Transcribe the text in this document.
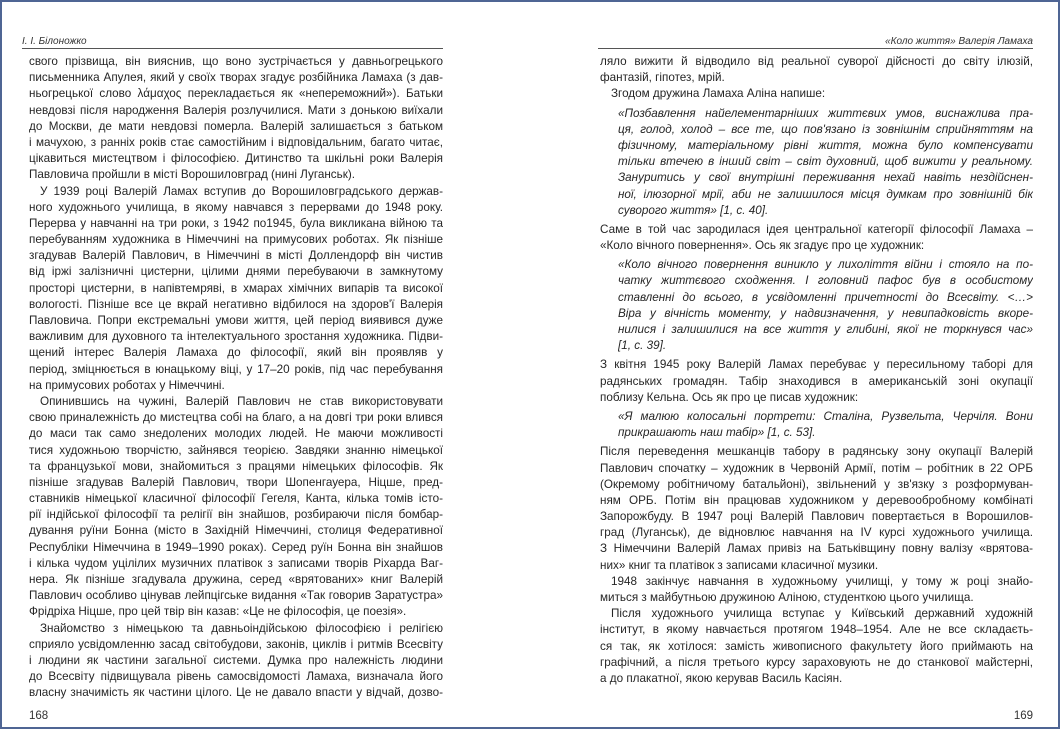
І. І. Білоножко
свого прізвища, він вияснив, що воно зустрічається у давньогрецького
письменника Апулея, який у своїх творах згадує розбійника Ламаха (з дав-
ньогрецької слово λάμαχος перекладається як «непереможний»). Батьки
невдовзі після народження Валерія розлучилися. Мати з донькою виїхали
до Москви, де мати невдовзі померла. Валерій залишається з батьком
і мачухою, з ранніх років стає самостійним і відповідальним, багато читає,
цікавиться мистецтвом і філософією. Дитинство та шкільні роки Валерія
Павловича пройшли в місті Ворошиловград (нині Луганськ).
У 1939 році Валерій Ламах вступив до Ворошиловградського держав-
ного художнього училища, в якому навчався з перервами до 1948 року.
Перерва у навчанні на три роки, з 1942 по1945, була викликана війною та
перебуванням художника в Німеччині на примусових роботах. Як пізніше
згадував Валерій Павлович, в Німеччині в місті Доллендорф він чистив
від іржі залізничні цистерни, цілими днями перебуваючи в замкнутому
просторі цистерни, в напівтемряві, в хмарах хімічних випарів та високої
вологості. Пізніше все це вкрай негативно відбилося на здоров'ї Валерія
Павловича. Попри екстремальні умови життя, цей період виявився дуже
важливим для духовного та інтелектуального зростання художника. Підви-
щений інтерес Валерія Ламаха до філософії, який він проявляв у
період, зміцнюється в юнацькому віці, у 17–20 років, під час перебування
на примусових роботах у Німеччині.
Опинившись на чужині, Валерій Павлович не став використовувати
свою приналежність до мистецтва собі на благо, а на довгі три роки влився
до маси так само знедолених молодих людей. Не маючи можливості
тися художньою творчістю, зайнявся теорією. Завдяки знанню німецької
та французької мови, знайомиться з працями німецьких філософів. Як
пізніше згадував Валерій Павлович, твори Шопенгауера, Ніцше, пред-
ставників німецької класичної філософії Гегеля, Канта, кілька томів істо-
рії індійської філософії та релігії він знайшов, розбираючи після бомбар-
дування руїни Бонна (місто в Західній Німеччині, столиця Федеративної
Республіки Німеччина в 1949–1990 роках). Серед руїн Бонна він знайшов
і кілька чудом уцілілих музичних платівок з записами творів Ріхарда Ваг-
нера. Як пізніше згадувала дружина, серед «врятованих» книг Валерій
Павлович особливо цінував лейпцігське видання «Так говорив Заратустра»
Фрідріха Ніцше, про цей твір він казав: «Це не філософія, це поезія».
Знайомство з німецькою та давньоіндійською філософією і релігією
сприяло усвідомленню засад світобудови, законів, циклів і ритмів Всесвіту
і людини як частини загальної системи. Думка про належність людини
до Всесвіту підвищувала рівень самосвідомості Ламаха, визначала його
власну значимість як частини цілого. Це не давало впасти у відчай, дозво-
168
«Коло життя» Валерія Ламаха
ляло вижити й відводило від реальної суворої дійсності до світу ілюзій,
фантазій, гіпотез, мрій.
Згодом дружина Ламаха Аліна напише:
«Позбавлення найелементарніших життєвих умов, виснажлива пра-
ця, голод, холод – все те, що пов'язано із зовнішнім сприйняттям на
фізичному, матеріальному рівні життя, можна було компенсувати
тільки втечею в інший світ – світ духовний, щоб вижити у реальному.
Зануритись у свої внутрішні переживання нехай навіть нездійснен-
ної, ілюзорної мрії, аби не залишилося місця думкам про зовнішній бік
суворого життя» [1, с. 40].
Саме в той час зародилася ідея центральної категорії філософії Ламаха –
«Коло вічного повернення». Ось як згадує про це художник:
«Коло вічного повернення виникло у лихоліття війни і стояло на по-
чатку життєвого сходження. І головний пафос був в особистому
ставленні до всього, в усвідомленні причетності до Всесвіту. <…>
Віра у вічність моменту, у надвизначення, у невипадковість вкоре-
нилися і залишилися на все життя у глибині, якої не торкнувся час»
[1, с. 39].
З квітня 1945 року Валерій Ламах перебуває у пересильному таборі для
радянських громадян. Табір знаходився в американській зоні окупації
поблизу Кельна. Ось як про це писав художник:
«Я малюю колосальні портрети: Сталіна, Рузвельта, Черчіля. Вони
прикрашають наш табір» [1, с. 53].
Після переведення мешканців табору в радянську зону окупації Валерій
Павлович спочатку – художник в Червоній Армії, потім – робітник в 22 ОРБ
(Окремому робітничому батальйоні), звільнений у зв'язку з розформуван-
ням ОРБ. Потім він працював художником у деревообробному комбінаті
Запорожбуду. В 1947 році Валерій Павлович повертається в Ворошилов-
град (Луганськ), де відновлює навчання на IV курсі художнього училища.
З Німеччини Валерій Ламах привіз на Батьківщину повну валізу «врятова-
них» книг та платівок з записами класичної музики.
1948 закінчує навчання в художньому училищі, у тому ж році знайо-
миться з майбутньою дружиною Аліною, студенткою цього училища.
Після художнього училища вступає у Київський державний художній
інститут, в якому навчається протягом 1948–1954. Але не все складаєть-
ся так, як хотілося: замість живописного факультету його приймають на
графічний, а після третього курсу зараховують не до станкової майстерні,
а до плакатної, якою керував Василь Касіян.
169
